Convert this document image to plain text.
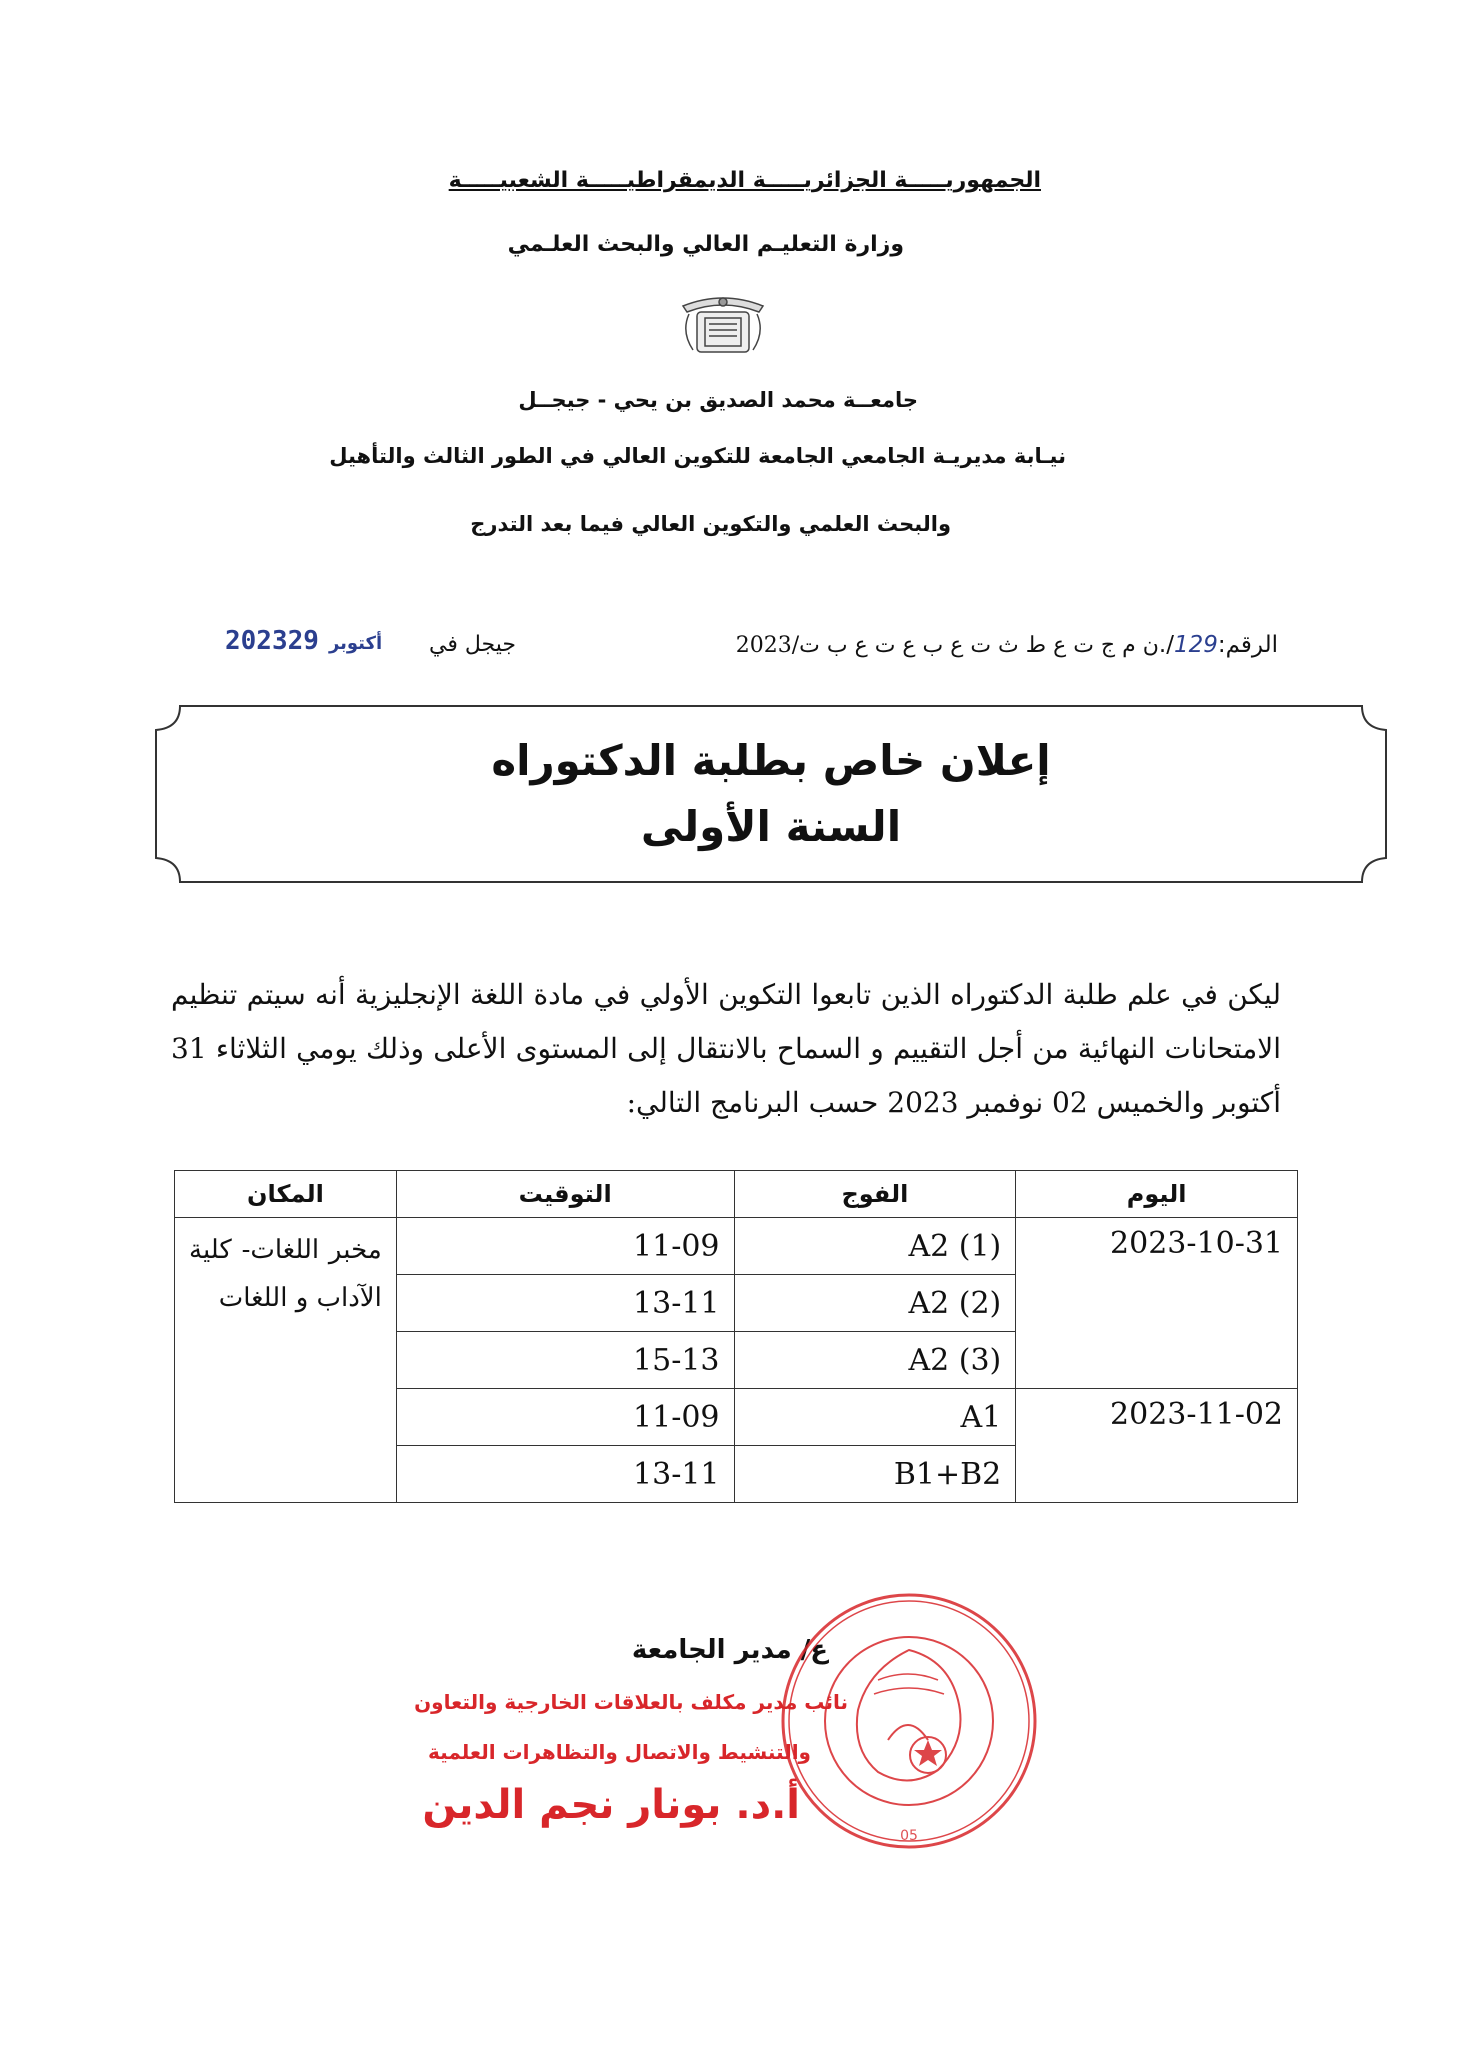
الجمهوريـــــة الجزائريـــــة الديمقراطيـــــة الشعبيـــــة
وزارة التعليـم العالي والبحث العلـمي
جامعــة محمد الصديق بن يحي - جيجــل
نيـابة مديريـة الجامعي الجامعة للتكوين العالي في الطور الثالث والتأهيل
والبحث العلمي والتكوين العالي فيما بعد التدرج
الرقم:129/.ن م ج ت ع ط ث ت ع ب ع ت ع ب ت/2023
جيجل في
2023 أكتوبر29
إعلان خاص بطلبة الدكتوراه
السنة الأولى
ليكن في علم طلبة الدكتوراه الذين تابعوا التكوين الأولي في مادة اللغة الإنجليزية أنه سيتم تنظيم الامتحانات النهائية من أجل التقييم و السماح بالانتقال إلى المستوى الأعلى وذلك يومي الثلاثاء 31 أكتوبر والخميس 02 نوفمبر 2023 حسب البرنامج التالي:
اليوم	الفوج	التوقيت	المكان
2023-10-31	A2 (1)	11-09	مخبر اللغات- كلية الآداب و اللغات
	A2 (2)	13-11	
	A2 (3)	15-13	
2023-11-02	A1	11-09	
	B1+B2	13-11	
ع/ مدير الجامعة
نائب مدير مكلف بالعلاقات الخارجية والتعاون
والتنشيط والاتصال والتظاهرات العلمية
أ.د. بونار نجم الدين
05
